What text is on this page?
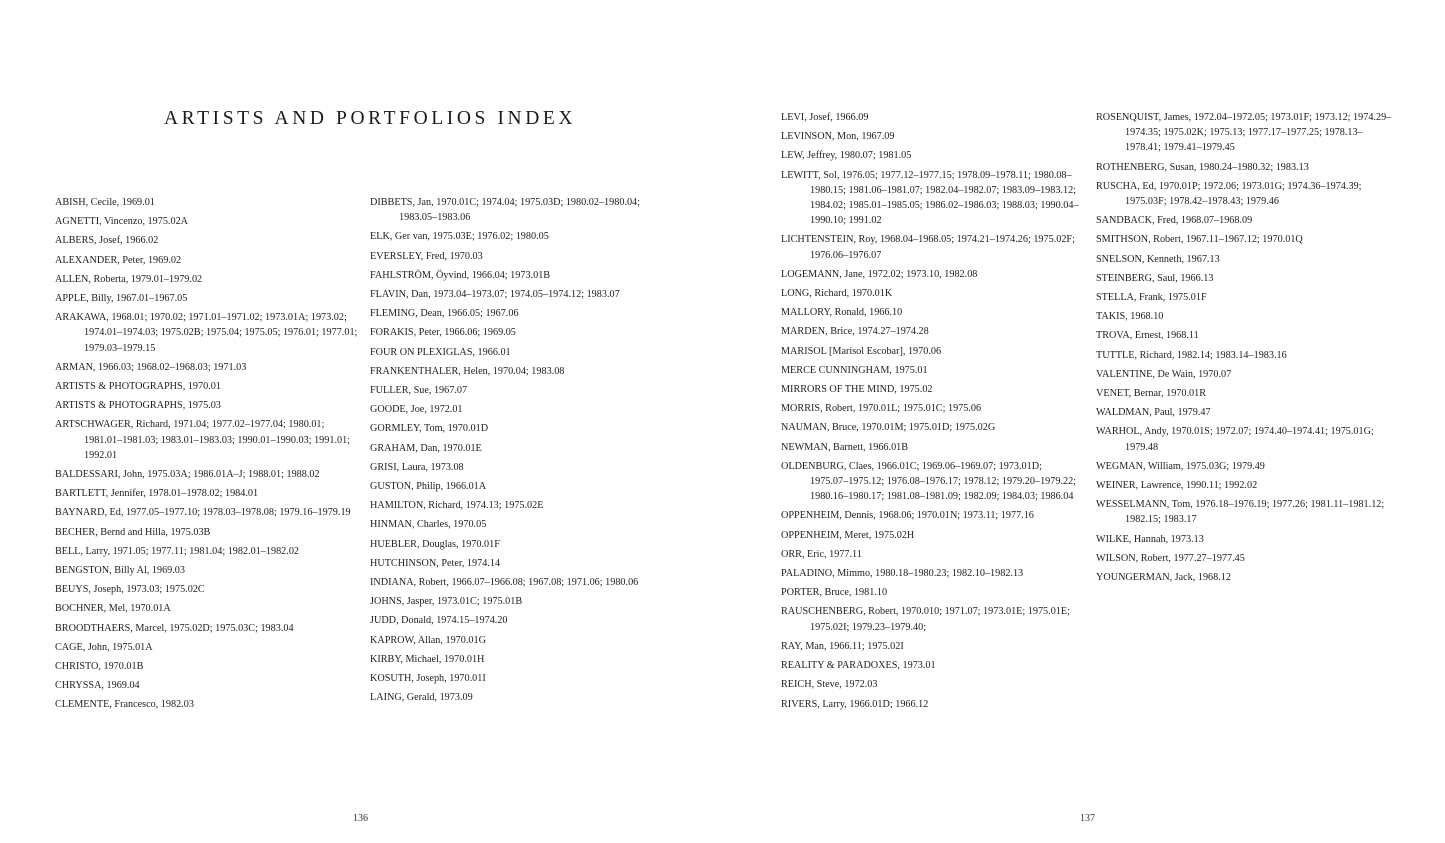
ARTISTS AND PORTFOLIOS INDEX
ABISH, Cecile, 1969.01
AGNETTI, Vincenzo, 1975.02A
ALBERS, Josef, 1966.02
ALEXANDER, Peter, 1969.02
ALLEN, Roberta, 1979.01–1979.02
APPLE, Billy, 1967.01–1967.05
ARAKAWA, 1968.01; 1970.02; 1971.01–1971.02; 1973.01A; 1973.02; 1974.01–1974.03; 1975.02B; 1975.04; 1975.05; 1976.01; 1977.01; 1979.03–1979.15
ARMAN, 1966.03; 1968.02–1968.03; 1971.03
ARTISTS & PHOTOGRAPHS, 1970.01
ARTISTS & PHOTOGRAPHS, 1975.03
ARTSCHWAGER, Richard, 1971.04; 1977.02–1977.04; 1980.01; 1981.01–1981.03; 1983.01–1983.03; 1990.01–1990.03; 1991.01; 1992.01
BALDESSARI, John, 1975.03A; 1986.01A–J; 1988.01; 1988.02
BARTLETT, Jennifer, 1978.01–1978.02; 1984.01
BAYNARD, Ed, 1977.05–1977.10; 1978.03–1978.08; 1979.16–1979.19
BECHER, Bernd and Hilla, 1975.03B
BELL, Larry, 1971.05; 1977.11; 1981.04; 1982.01–1982.02
BENGSTON, Billy Al, 1969.03
BEUYS, Joseph, 1973.03; 1975.02C
BOCHNER, Mel, 1970.01A
BROODTHAERS, Marcel, 1975.02D; 1975.03C; 1983.04
CAGE, John, 1975.01A
CHRISTO, 1970.01B
CHRYSSA, 1969.04
CLEMENTE, Francesco, 1982.03
DIBBETS, Jan, 1970.01C; 1974.04; 1975.03D; 1980.02–1980.04; 1983.05–1983.06
ELK, Ger van, 1975.03E; 1976.02; 1980.05
EVERSLEY, Fred, 1970.03
FAHLSTRÖM, Öyvind, 1966.04; 1973.01B
FLAVIN, Dan, 1973.04–1973.07; 1974.05–1974.12; 1983.07
FLEMING, Dean, 1966.05; 1967.06
FORAKIS, Peter, 1966.06; 1969.05
FOUR ON PLEXIGLAS, 1966.01
FRANKENTHALER, Helen, 1970.04; 1983.08
FULLER, Sue, 1967.07
GOODE, Joe, 1972.01
GORMLEY, Tom, 1970.01D
GRAHAM, Dan, 1970.01E
GRISI, Laura, 1973.08
GUSTON, Philip, 1966.01A
HAMILTON, Richard, 1974.13; 1975.02E
HINMAN, Charles, 1970.05
HUEBLER, Douglas, 1970.01F
HUTCHINSON, Peter, 1974.14
INDIANA, Robert, 1966.07–1966.08; 1967.08; 1971.06; 1980.06
JOHNS, Jasper, 1973.01C; 1975.01B
JUDD, Donald, 1974.15–1974.20
KAPROW, Allan, 1970.01G
KIRBY, Michael, 1970.01H
KOSUTH, Joseph, 1970.01I
LAING, Gerald, 1973.09
LEVI, Josef, 1966.09
LEVINSON, Mon, 1967.09
LEW, Jeffrey, 1980.07; 1981.05
LEWITT, Sol, 1976.05; 1977.12–1977.15; 1978.09–1978.11; 1980.08–1980.15; 1981.06–1981.07; 1982.04–1982.07; 1983.09–1983.12; 1984.02; 1985.01–1985.05; 1986.02–1986.03; 1988.03; 1990.04–1990.10; 1991.02
LICHTENSTEIN, Roy, 1968.04–1968.05; 1974.21–1974.26; 1975.02F; 1976.06–1976.07
LOGEMANN, Jane, 1972.02; 1973.10, 1982.08
LONG, Richard, 1970.01K
MALLORY, Ronald, 1966.10
MARDEN, Brice, 1974.27–1974.28
MARISOL [Marisol Escobar], 1970.06
MERCE CUNNINGHAM, 1975.01
MIRRORS OF THE MIND, 1975.02
MORRIS, Robert, 1970.01L; 1975.01C; 1975.06
NAUMAN, Bruce, 1970.01M; 1975.01D; 1975.02G
NEWMAN, Barnett, 1966.01B
OLDENBURG, Claes, 1966.01C; 1969.06–1969.07; 1973.01D; 1975.07–1975.12; 1976.08–1976.17; 1978.12; 1979.20–1979.22; 1980.16–1980.17; 1981.08–1981.09; 1982.09; 1984.03; 1986.04
OPPENHEIM, Dennis, 1968.06; 1970.01N; 1973.11; 1977.16
OPPENHEIM, Meret, 1975.02H
ORR, Eric, 1977.11
PALADINO, Mimmo, 1980.18–1980.23; 1982.10–1982.13
PORTER, Bruce, 1981.10
RAUSCHENBERG, Robert, 1970.010; 1971.07; 1973.01E; 1975.01E; 1975.02I; 1979.23–1979.40;
RAY, Man, 1966.11; 1975.02I
REALITY & PARADOXES, 1973.01
REICH, Steve, 1972.03
RIVERS, Larry, 1966.01D; 1966.12
ROSENQUIST, James, 1972.04–1972.05; 1973.01F; 1973.12; 1974.29–1974.35; 1975.02K; 1975.13; 1977.17–1977.25; 1978.13–1978.41; 1979.41–1979.45
ROTHENBERG, Susan, 1980.24–1980.32; 1983.13
RUSCHA, Ed, 1970.01P; 1972.06; 1973.01G; 1974.36–1974.39; 1975.03F; 1978.42–1978.43; 1979.46
SANDBACK, Fred, 1968.07–1968.09
SMITHSON, Robert, 1967.11–1967.12; 1970.01Q
SNELSON, Kenneth, 1967.13
STEINBERG, Saul, 1966.13
STELLA, Frank, 1975.01F
TAKIS, 1968.10
TROVA, Ernest, 1968.11
TUTTLE, Richard, 1982.14; 1983.14–1983.16
VALENTINE, De Wain, 1970.07
VENET, Bernar, 1970.01R
WALDMAN, Paul, 1979.47
WARHOL, Andy, 1970.01S; 1972.07; 1974.40–1974.41; 1975.01G; 1979.48
WEGMAN, William, 1975.03G; 1979.49
WEINER, Lawrence, 1990.11; 1992.02
WESSELMANN, Tom, 1976.18–1976.19; 1977.26; 1981.11–1981.12; 1982.15; 1983.17
WILKE, Hannah, 1973.13
WILSON, Robert, 1977.27–1977.45
YOUNGERMAN, Jack, 1968.12

136	137
